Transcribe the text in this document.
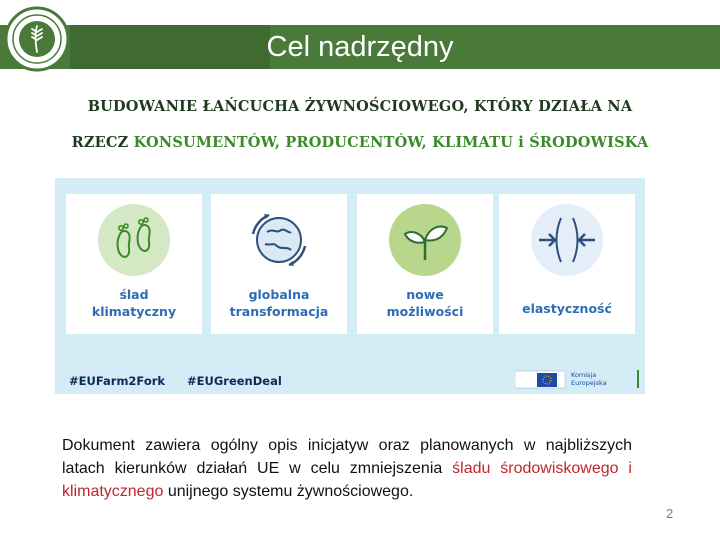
Cel nadrzędny
BUDOWANIE ŁAŃCUCHA ŻYWNOŚCIOWEGO, KTÓRY DZIAŁA NA
RZECZ KONSUMENTÓW, PRODUCENTÓW, KLIMATU i ŚRODOWISKA
ślad
klimatyczny
globalna
transformacja
nowe
możliwości	elastyczność
#EUFarm2Fork #EUGreenDeal	Komisja
Europejska
Dokument zawiera ogólny opis inicjatyw oraz planowanych w najbliższych latach kierunków działań UE w celu zmniejszenia śladu środowiskowego i klimatycznego unijnego systemu żywnościowego.
2
